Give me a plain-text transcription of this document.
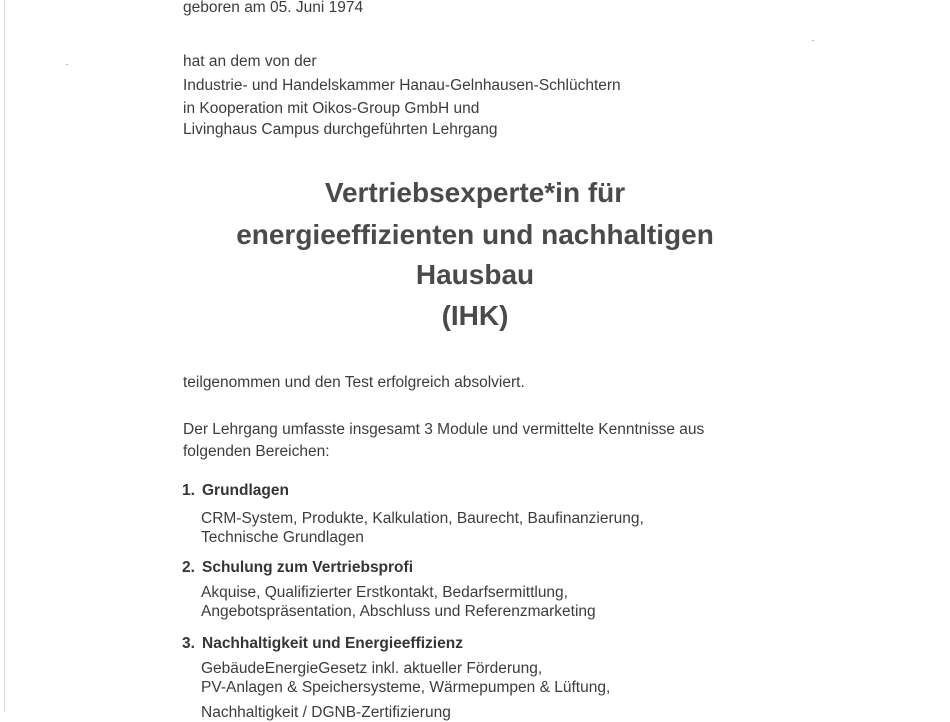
geboren am 05. Juni 1974
hat an dem von der
Industrie- und Handelskammer Hanau-Gelnhausen-Schlüchtern
in Kooperation mit Oikos-Group GmbH und
Livinghaus Campus durchgeführten Lehrgang
Vertriebsexperte*in für
energieeffizienten und nachhaltigen
Hausbau
(IHK)
teilgenommen und den Test erfolgreich absolviert.
Der Lehrgang umfasste insgesamt 3 Module und vermittelte Kenntnisse aus
folgenden Bereichen:
1. Grundlagen
CRM-System, Produkte, Kalkulation, Baurecht, Baufinanzierung,
Technische Grundlagen
2. Schulung zum Vertriebsprofi
Akquise, Qualifizierter Erstkontakt, Bedarfsermittlung,
Angebotspräsentation, Abschluss und Referenzmarketing
3. Nachhaltigkeit und Energieeffizienz
GebäudeEnergieGesetz inkl. aktueller Förderung,
PV-Anlagen & Speichersysteme, Wärmepumpen & Lüftung,
Nachhaltigkeit / DGNB-Zertifizierung
